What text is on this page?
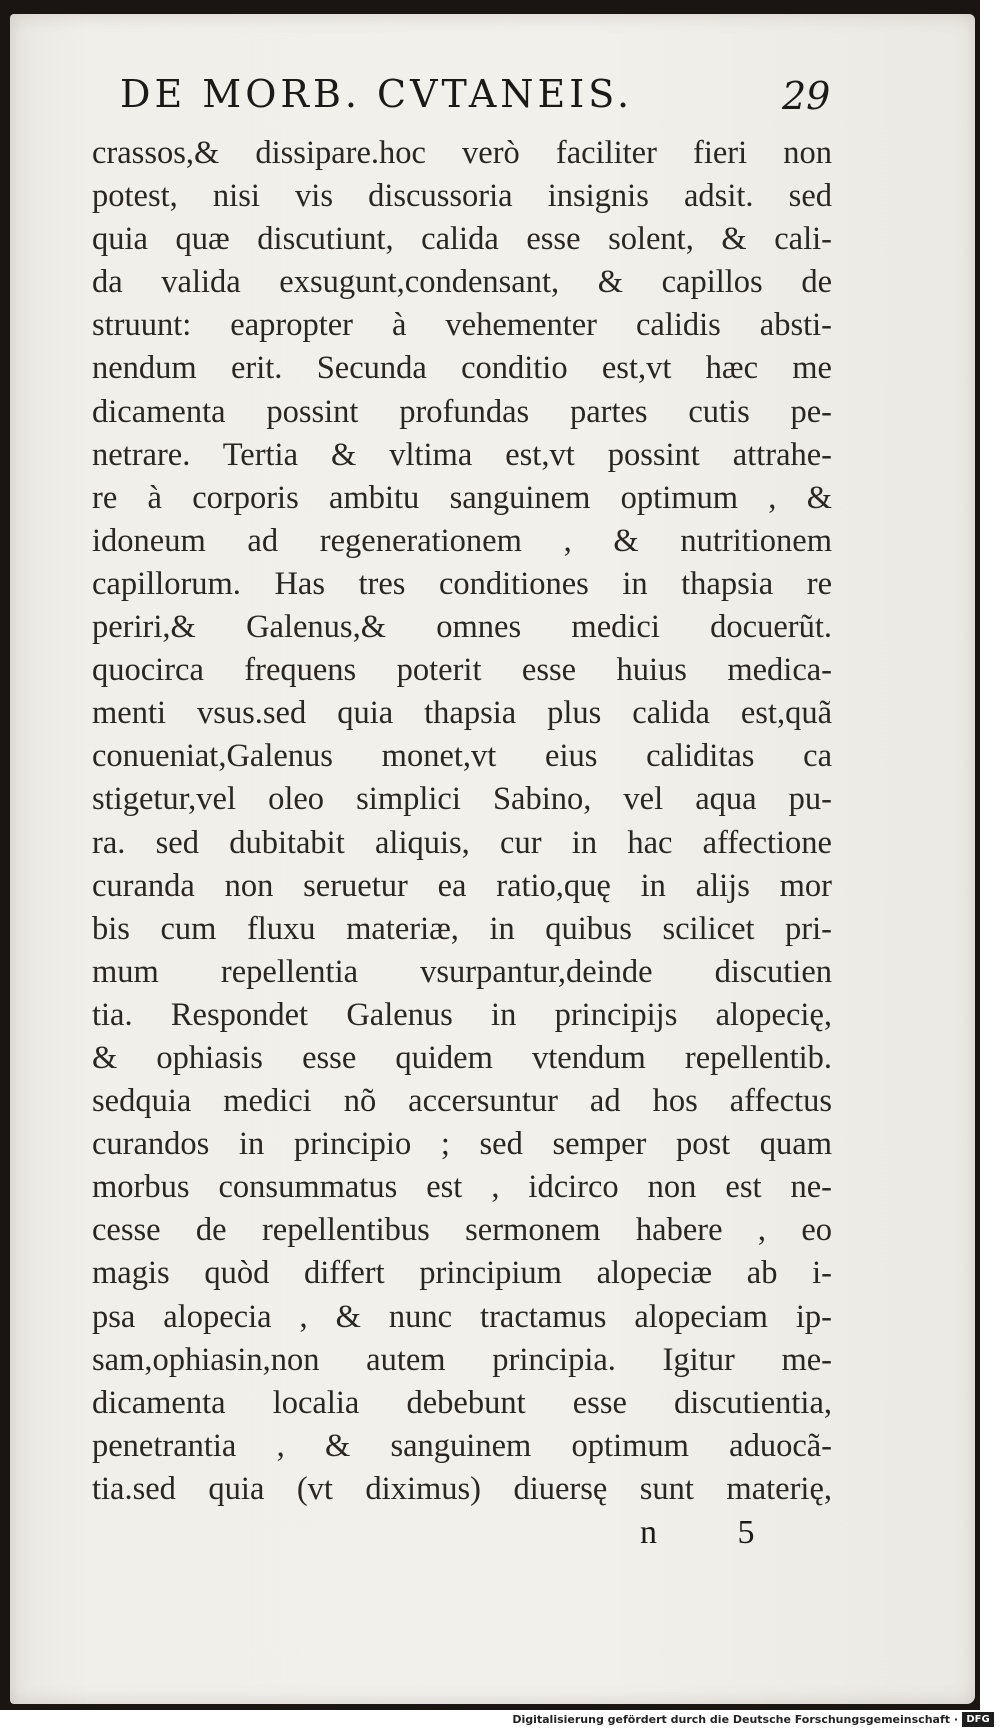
DE MORB. CVTANEIS.	29
crassos,& dissipare.hoc verò faciliter fieri non
potest, nisi vis discussoria insignis adsit. sed
quia quæ discutiunt, calida esse solent, & cali-
da valida exsugunt,condensant, & capillos de
struunt: eapropter à vehementer calidis absti-
nendum erit. Secunda conditio est,vt hæc me
dicamenta possint profundas partes cutis pe-
netrare. Tertia & vltima est,vt possint attrahe-
re à corporis ambitu sanguinem optimum , &
idoneum ad regenerationem , & nutritionem
capillorum. Has tres conditiones in thapsia re
periri,& Galenus,& omnes medici docuerũt.
quocirca frequens poterit esse huius medica-
menti vsus.sed quia thapsia plus calida est,quã
conueniat,Galenus monet,vt eius caliditas ca
stigetur,vel oleo simplici Sabino, vel aqua pu-
ra. sed dubitabit aliquis, cur in hac affectione
curanda non seruetur ea ratio,quę in alijs mor
bis cum fluxu materiæ, in quibus scilicet pri-
mum repellentia vsurpantur,deinde discutien
tia. Respondet Galenus in principijs alopecię,
& ophiasis esse quidem vtendum repellentib.
sedquia medici nõ accersuntur ad hos affectus
curandos in principio ; sed semper post quam
morbus consummatus est , idcirco non est ne-
cesse de repellentibus sermonem habere , eo
magis quòd differt principium alopeciæ ab i-
psa alopecia , & nunc tractamus alopeciam ip-
sam,ophiasin,non autem principia. Igitur me-
dicamenta localia debebunt esse discutientia,
penetrantia , & sanguinem optimum aduocã-
tia.sed quia (vt diximus) diuersę sunt materię,
n 5
Digitalisierung gefördert durch die Deutsche Forschungsgemeinschaft · DFG
